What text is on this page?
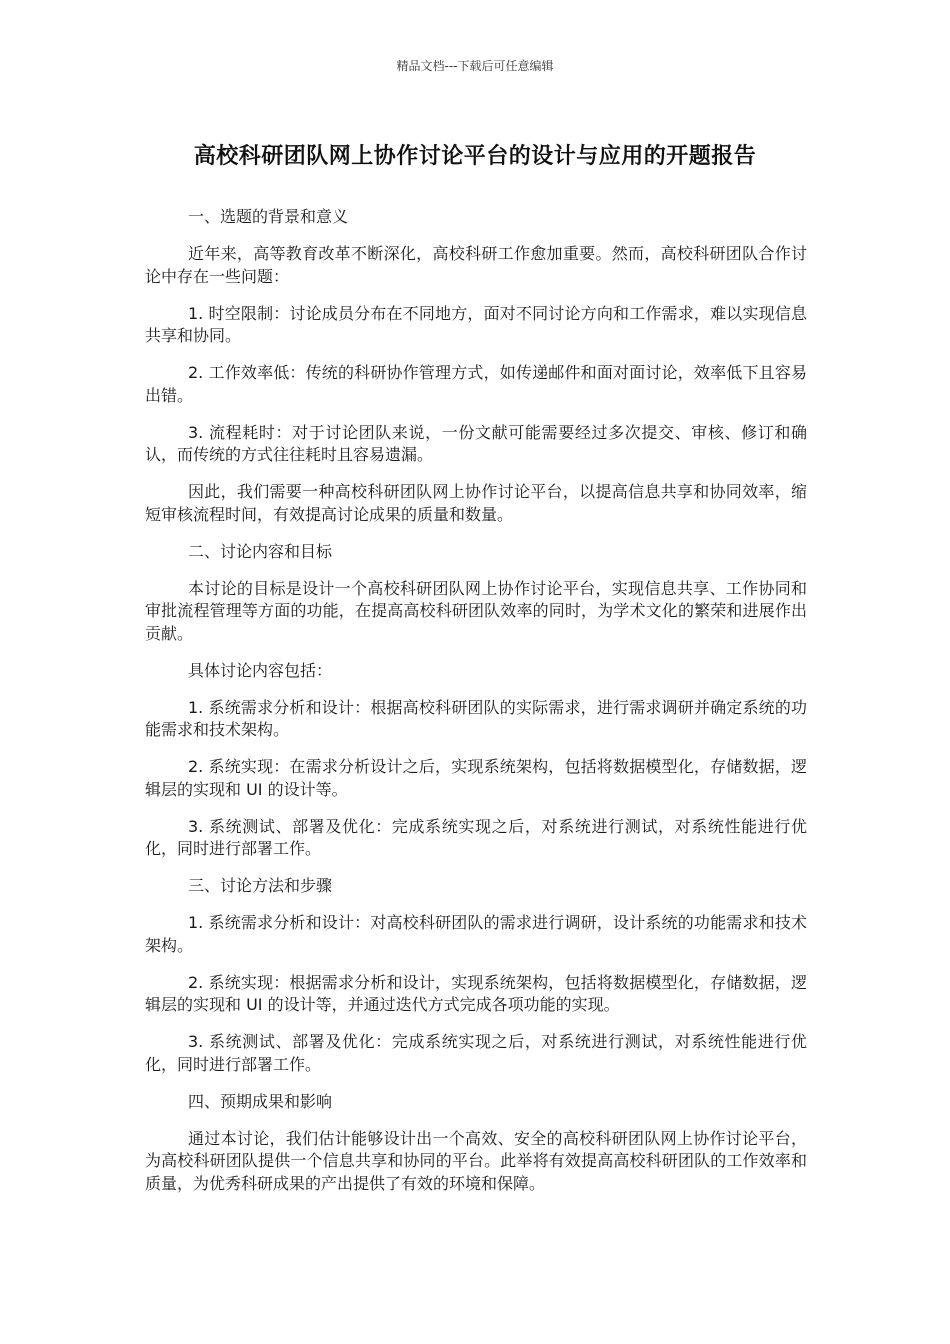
精品文档---下载后可任意编辑
高校科研团队网上协作讨论平台的设计与应用的开题报告

一、选题的背景和意义

近年来，高等教育改革不断深化，高校科研工作愈加重要。然而，高校科研团队合作讨论中存在一些问题：

1. 时空限制：讨论成员分布在不同地方，面对不同讨论方向和工作需求，难以实现信息共享和协同。

2. 工作效率低：传统的科研协作管理方式，如传递邮件和面对面讨论，效率低下且容易出错。

3. 流程耗时：对于讨论团队来说，一份文献可能需要经过多次提交、审核、修订和确认，而传统的方式往往耗时且容易遗漏。

因此，我们需要一种高校科研团队网上协作讨论平台，以提高信息共享和协同效率，缩短审核流程时间，有效提高讨论成果的质量和数量。

二、讨论内容和目标

本讨论的目标是设计一个高校科研团队网上协作讨论平台，实现信息共享、工作协同和审批流程管理等方面的功能，在提高高校科研团队效率的同时，为学术文化的繁荣和进展作出贡献。

具体讨论内容包括：

1. 系统需求分析和设计：根据高校科研团队的实际需求，进行需求调研并确定系统的功能需求和技术架构。

2. 系统实现：在需求分析设计之后，实现系统架构，包括将数据模型化，存储数据，逻辑层的实现和 UI 的设计等。

3. 系统测试、部署及优化：完成系统实现之后，对系统进行测试，对系统性能进行优化，同时进行部署工作。

三、讨论方法和步骤

1. 系统需求分析和设计：对高校科研团队的需求进行调研，设计系统的功能需求和技术架构。

2. 系统实现：根据需求分析和设计，实现系统架构，包括将数据模型化，存储数据，逻辑层的实现和 UI 的设计等，并通过迭代方式完成各项功能的实现。

3. 系统测试、部署及优化：完成系统实现之后，对系统进行测试，对系统性能进行优化，同时进行部署工作。

四、预期成果和影响

通过本讨论，我们估计能够设计出一个高效、安全的高校科研团队网上协作讨论平台，为高校科研团队提供一个信息共享和协同的平台。此举将有效提高高校科研团队的工作效率和质量，为优秀科研成果的产出提供了有效的环境和保障。
